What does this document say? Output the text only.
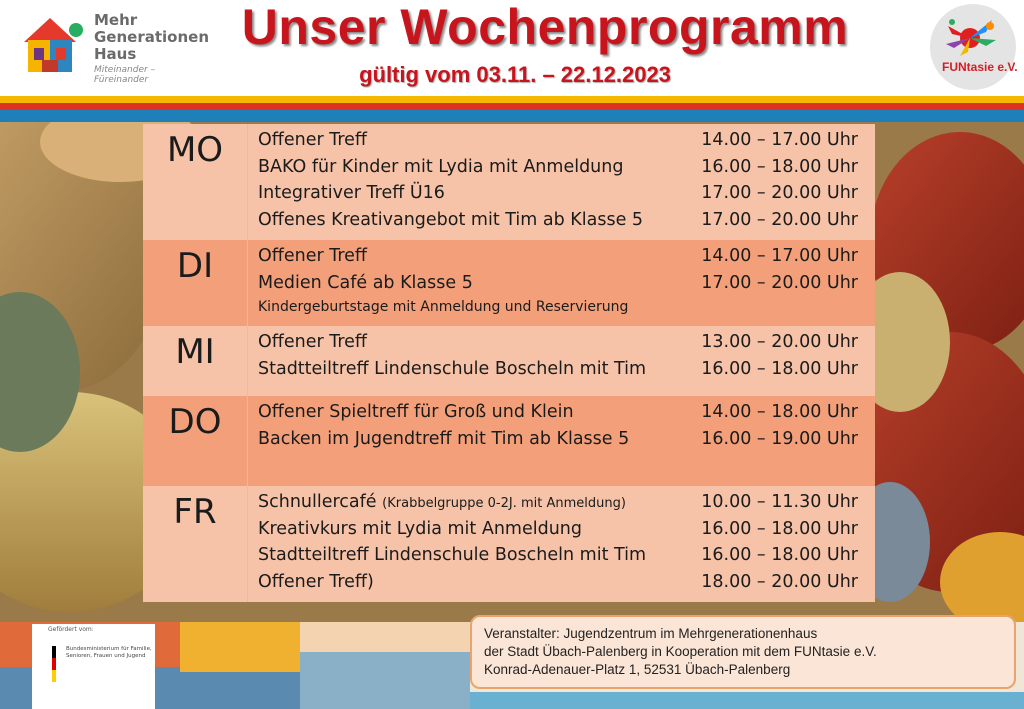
Mehr
Generationen
Haus
Miteinander – Füreinander
Unser Wochenprogramm
gültig vom 03.11. – 22.12.2023	FUNtasie e.V.
MO	Offener Treff	14.00 – 17.00 Uhr
BAKO für Kinder mit Lydia mit Anmeldung	16.00 – 18.00 Uhr
Integrativer Treff Ü16	17.00 – 20.00 Uhr
Offenes Kreativangebot mit Tim ab Klasse 5	17.00 – 20.00 Uhr
DI	Offener Treff	14.00 – 17.00 Uhr
Medien Café ab Klasse 5	17.00 – 20.00 Uhr
Kindergeburtstage mit Anmeldung und Reservierung
MI	Offener Treff	13.00 – 20.00 Uhr
Stadtteiltreff Lindenschule Boscheln mit Tim	16.00 – 18.00 Uhr
DO	Offener Spieltreff für Groß und Klein	14.00 – 18.00 Uhr
Backen im Jugendtreff mit Tim ab Klasse 5	16.00 – 19.00 Uhr
FR	Schnullercafé (Krabbelgruppe 0-2J. mit Anmeldung)	10.00 – 11.30 Uhr
Kreativkurs mit Lydia mit Anmeldung	16.00 – 18.00 Uhr
Stadtteiltreff Lindenschule Boscheln mit Tim	16.00 – 18.00 Uhr
Offener Treff)	18.00 – 20.00 Uhr
Gefördert vom:
Bundesministerium für Familie, Senioren, Frauen und Jugend
Veranstalter: Jugendzentrum im Mehrgenerationenhaus
der Stadt Übach-Palenberg in Kooperation mit dem FUNtasie e.V.
Konrad-Adenauer-Platz 1, 52531 Übach-Palenberg
